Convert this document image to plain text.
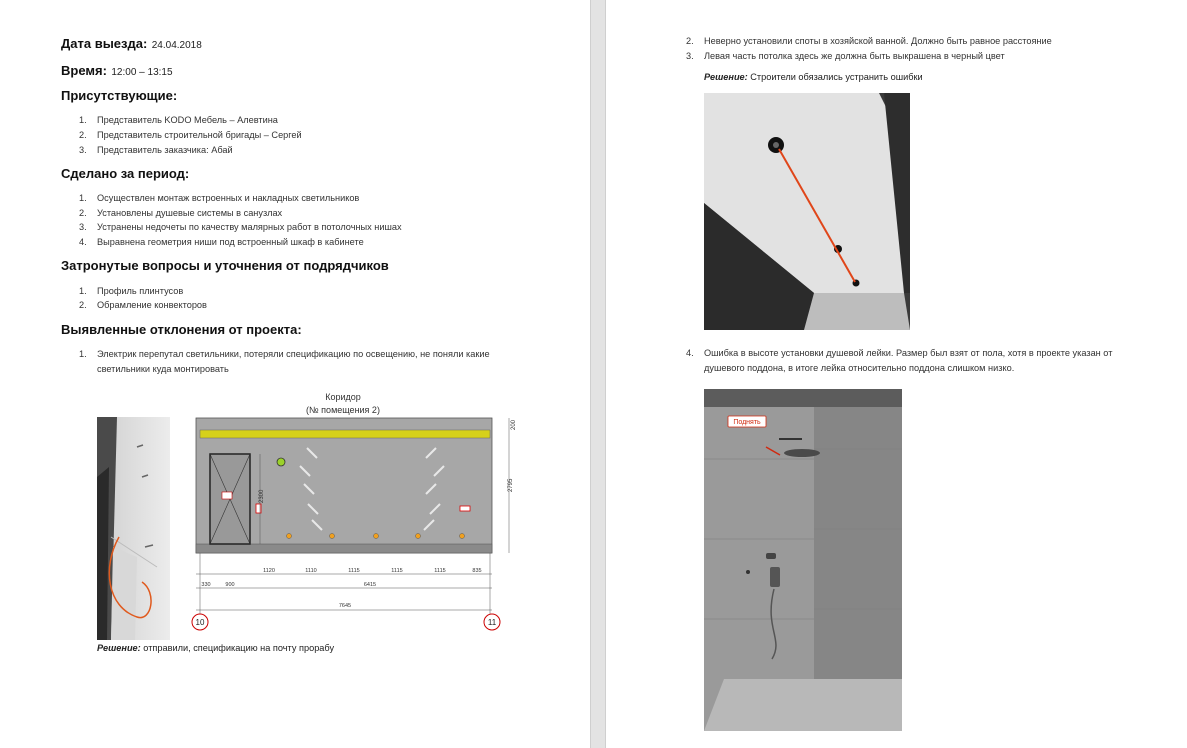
Дата выезда: 24.04.2018
Время: 12:00 – 13:15
Присутствующие:
1. Представитель KODO Мебель – Алевтина
2. Представитель строительной бригады – Сергей
3. Представитель заказчика: Абай
Сделано за период:
1. Осуществлен монтаж встроенных и накладных светильников
2. Установлены душевые системы в санузлах
3. Устранены недочеты по качеству малярных работ в потолочных нишах
4. Выравнена геометрия ниши под встроенный шкаф в кабинете
Затронутые вопросы и уточнения от подрядчиков
1. Профиль плинтусов
2. Обрамление конвекторов
Выявленные отклонения от проекта:
1. Электрик перепутал светильники, потеряли спецификацию по освещению, не поняли какие
светильники куда монтировать
Коридор
(№ помещения 2)
2795
2300
200
1120	1110	1115	1115	1115	835
330	900	6415
7645
10	11
Решение: отправили, спецификацию на почту прорабу
2. Неверно установили споты в хозяйской ванной. Должно быть равное расстояние
3. Левая часть потолка здесь же должна быть выкрашена в черный цвет
Решение: Строители обязались устранить ошибки
4. Ошибка в высоте установки душевой лейки. Размер был взят от пола, хотя в проекте указан от
душевого поддона, в итоге лейка относительно поддона слишком низко.
Поднять
